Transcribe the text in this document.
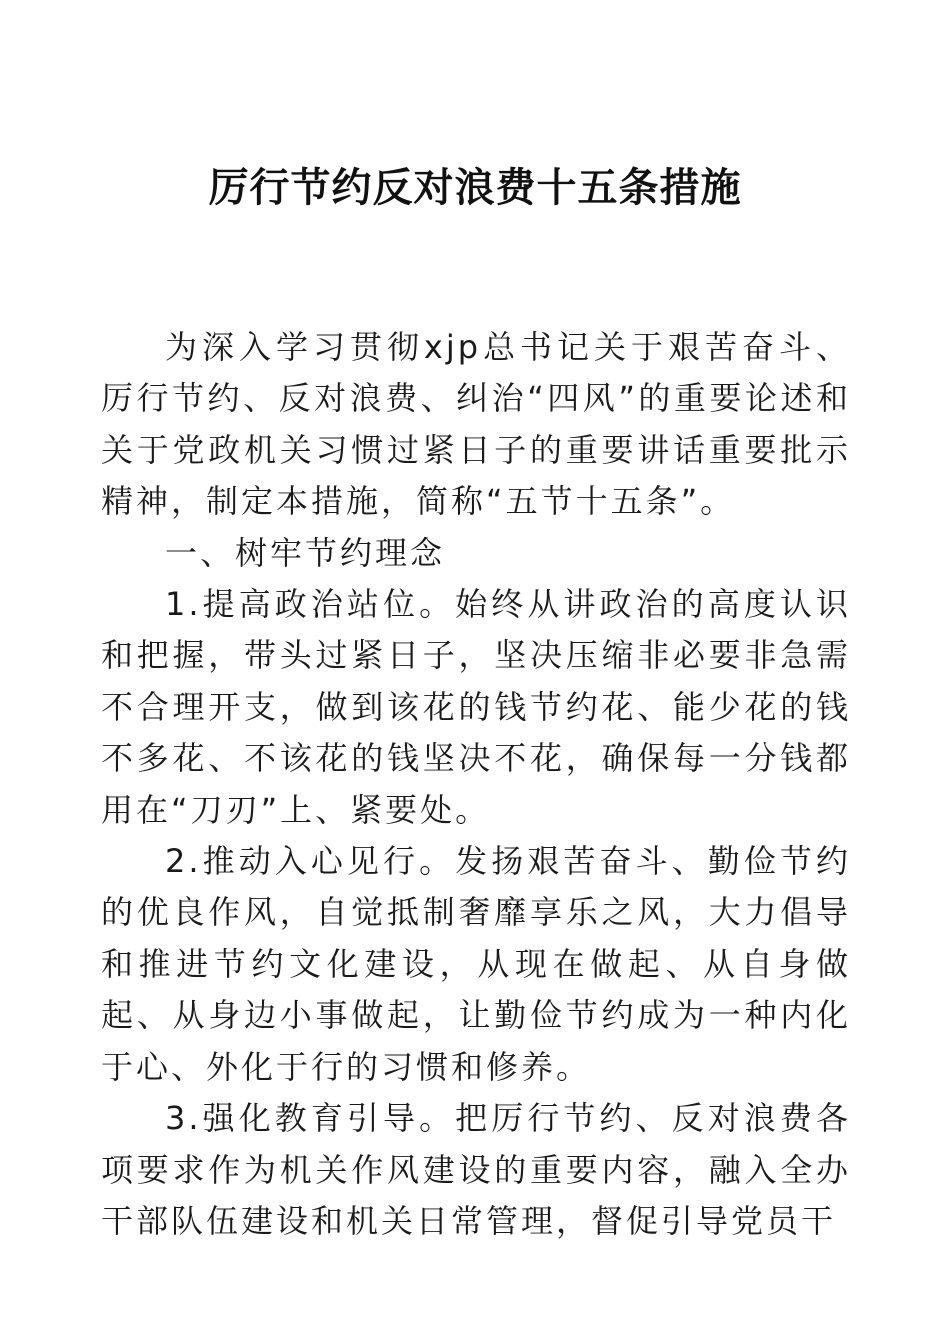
厉行节约反对浪费十五条措施

为深入学习贯彻xjp总书记关于艰苦奋斗、厉行节约、反对浪费、纠治“四风”的重要论述和关于党政机关习惯过紧日子的重要讲话重要批示精神，制定本措施，简称“五节十五条”。

一、树牢节约理念

1.提高政治站位。始终从讲政治的高度认识和把握，带头过紧日子，坚决压缩非必要非急需不合理开支，做到该花的钱节约花、能少花的钱不多花、不该花的钱坚决不花，确保每一分钱都用在“刀刃”上、紧要处。

2.推动入心见行。发扬艰苦奋斗、勤俭节约的优良作风，自觉抵制奢靡享乐之风，大力倡导和推进节约文化建设，从现在做起、从自身做起、从身边小事做起，让勤俭节约成为一种内化于心、外化于行的习惯和修养。

3.强化教育引导。把厉行节约、反对浪费各项要求作为机关作风建设的重要内容，融入全办干部队伍建设和机关日常管理，督促引导党员干
